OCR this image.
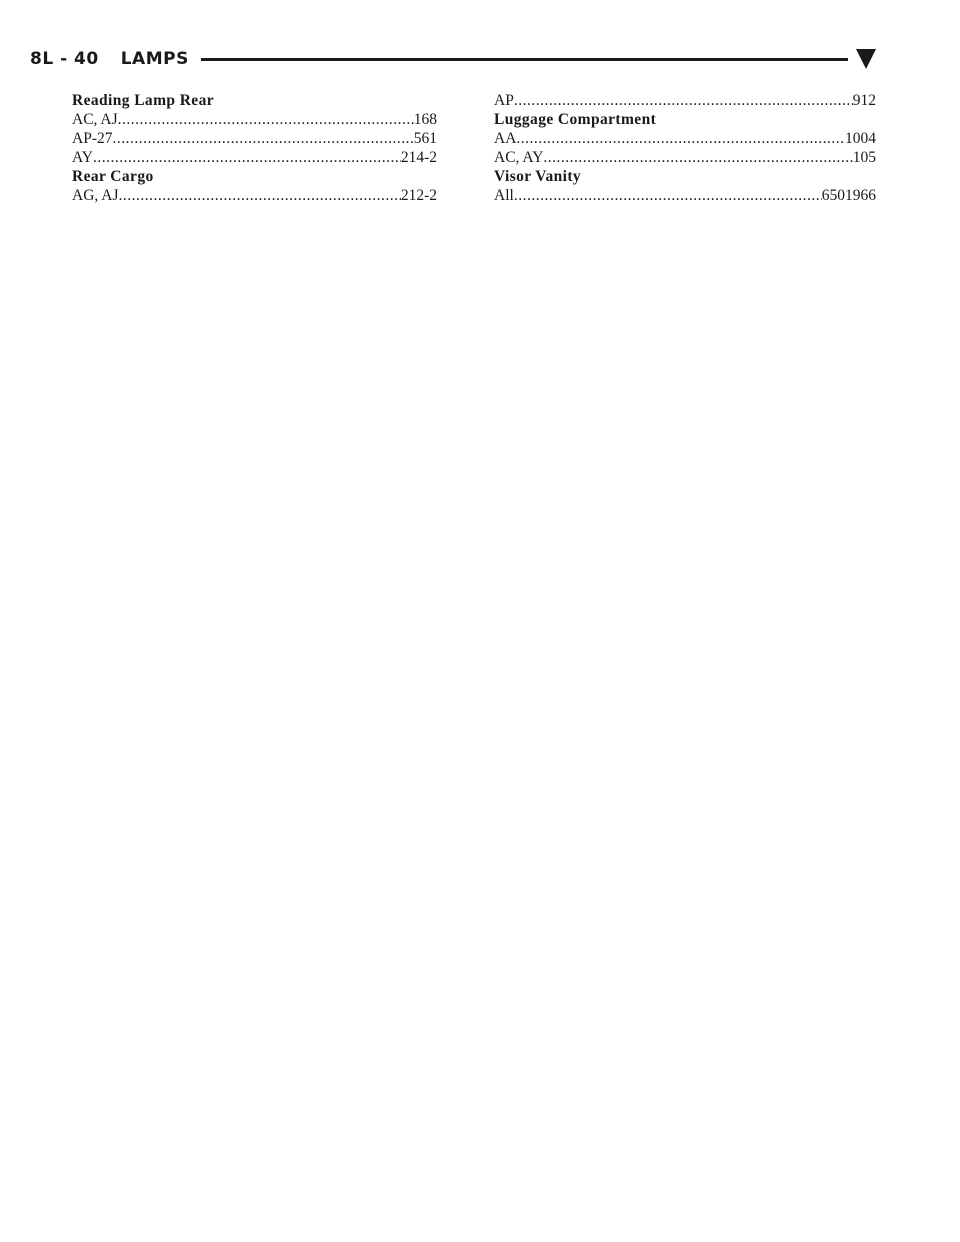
8L - 40 LAMPS
Reading Lamp Rear
AC, AJ .....	168
AP-27 .....	561
AY .....	214-2
Rear Cargo
AG, AJ .....	212-2
AP .....	912
Luggage Compartment
AA .....	1004
AC, AY .....	105
Visor Vanity
All .....	6501966
